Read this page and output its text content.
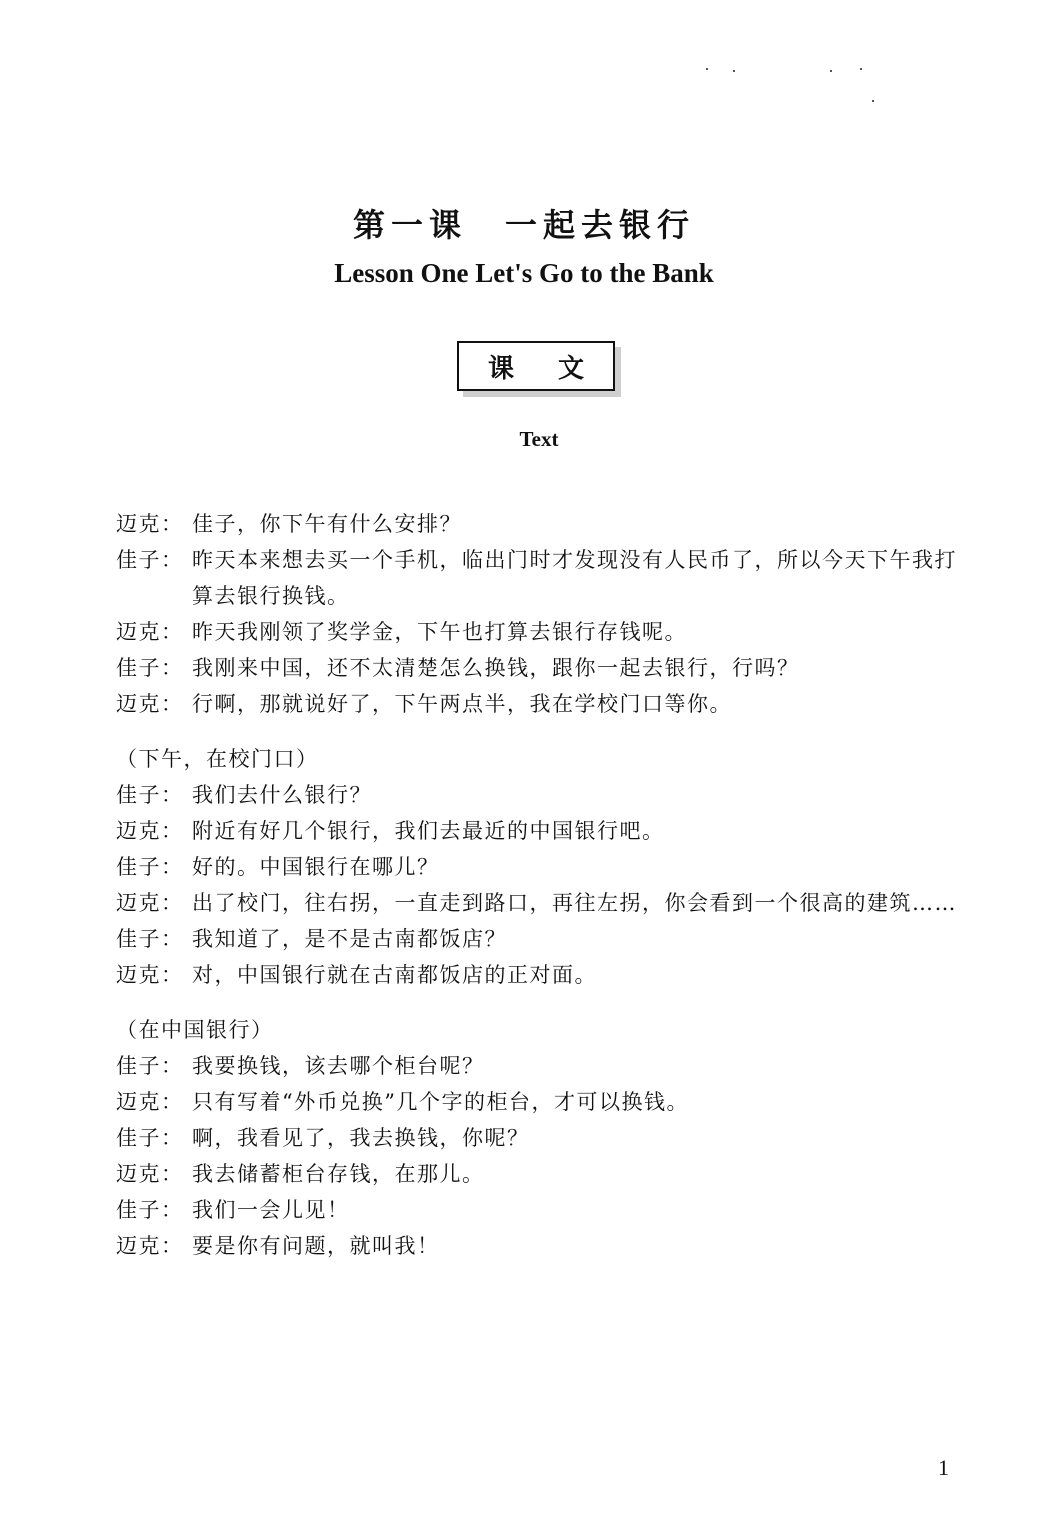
第一课　一起去银行
Lesson One Let's Go to the Bank
课文
Text
迈克： 佳子，你下午有什么安排？
佳子： 昨天本来想去买一个手机，临出门时才发现没有人民币了，所以今天下午我打算去银行换钱。
迈克： 昨天我刚领了奖学金，下午也打算去银行存钱呢。
佳子： 我刚来中国，还不太清楚怎么换钱，跟你一起去银行，行吗？
迈克： 行啊，那就说好了，下午两点半，我在学校门口等你。
（下午，在校门口）
佳子： 我们去什么银行？
迈克： 附近有好几个银行，我们去最近的中国银行吧。
佳子： 好的。中国银行在哪儿？
迈克： 出了校门，往右拐，一直走到路口，再往左拐，你会看到一个很高的建筑……
佳子： 我知道了，是不是古南都饭店？
迈克： 对，中国银行就在古南都饭店的正对面。
（在中国银行）
佳子： 我要换钱，该去哪个柜台呢？
迈克： 只有写着“外币兑换”几个字的柜台，才可以换钱。
佳子： 啊，我看见了，我去换钱，你呢？
迈克： 我去储蓄柜台存钱，在那儿。
佳子： 我们一会儿见！
迈克： 要是你有问题，就叫我！
1
